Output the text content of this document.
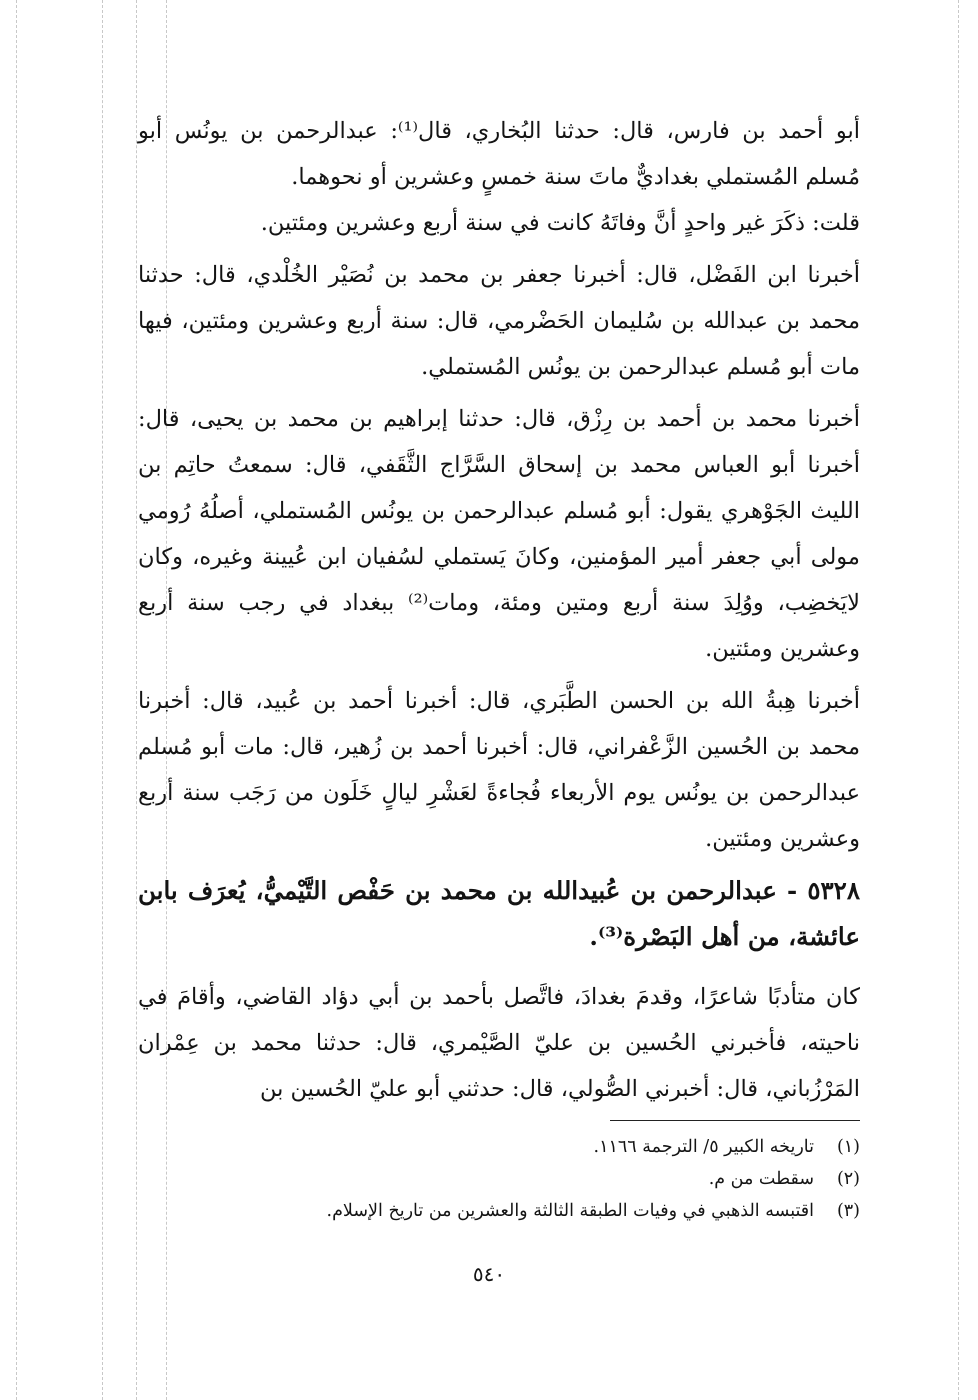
أبو أحمد بن فارس، قال: حدثنا البُخاري، قال⁽¹⁾: عبدالرحمن بن يونُس أبو مُسلم المُستملي بغداديٌّ ماتَ سنة خمسٍ وعشرين أو نحوهما.

قلت: ذكَرَ غير واحدٍ أنَّ وفاتَهُ كانت في سنة أربع وعشرين ومئتين.

أخبرنا ابن الفَضْل، قال: أخبرنا جعفر بن محمد بن نُصَيْر الخُلْدي، قال: حدثنا محمد بن عبدالله بن سُليمان الحَضْرمي، قال: سنة أربع وعشرين ومئتين، فيها مات أبو مُسلم عبدالرحمن بن يونُس المُستملي.

أخبرنا محمد بن أحمد بن رِزْق، قال: حدثنا إبراهيم بن محمد بن يحيى، قال: أخبرنا أبو العباس محمد بن إسحاق السَّرَّاج الثَّقَفي، قال: سمعتُ حاتِم بن الليث الجَوْهري يقول: أبو مُسلم عبدالرحمن بن يونُس المُستملي، أصلُهُ رُومي مولى أبي جعفر أمير المؤمنين، وكانَ يَستملي لسُفيان ابن عُيينة وغيره، وكان لايَخضِب، ووُلِدَ سنة أربع ومتين ومئة، ومات⁽²⁾ ببغداد في رجب سنة أربع وعشرين ومئتين.

أخبرنا هِبةُ الله بن الحسن الطَّبَري، قال: أخبرنا أحمد بن عُبيد، قال: أخبرنا محمد بن الحُسين الزَّعْفراني، قال: أخبرنا أحمد بن زُهير، قال: مات أبو مُسلم عبدالرحمن بن يونُس يوم الأربعاء فُجاءةً لعَشْرِ ليالٍ خَلَون من رَجَب سنة أربع وعشرين ومئتين.

٥٣٢٨ - عبدالرحمن بن عُبيدالله بن محمد بن حَفْص التَّيْميُّ، يُعرَف بابن عائشة، من أهل البَصْرة⁽³⁾.

كان متأدبًا شاعرًا، وقدمَ بغدادَ، فاتَّصل بأحمد بن أبي دؤاد القاضي، وأقامَ في ناحيته، فأخبرني الحُسين بن عليّ الصَّيْمري، قال: حدثنا محمد بن عِمْران المَرْزُباني، قال: أخبرني الصُّولي، قال: حدثني أبو عليّ الحُسين بن

(١)
تاريخه الكبير ٥/ الترجمة ١١٦٦.
(٢)
سقطت من م.
(٣)
اقتبسه الذهبي في وفيات الطبقة الثالثة والعشرين من تاريخ الإسلام.
٥٤٠
